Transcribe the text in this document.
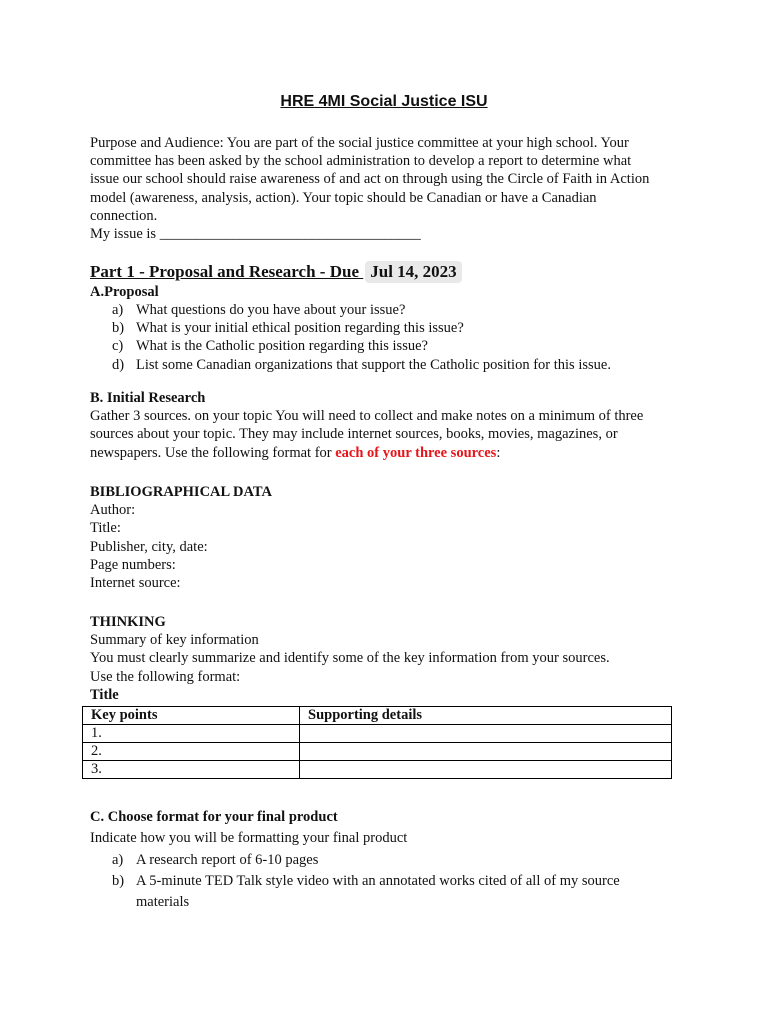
HRE 4MI Social Justice ISU
Purpose and Audience: You are part of the social justice committee at your high school. Your
committee has been asked by the school administration to develop a report to determine what
issue our school should raise awareness of and act on through using the Circle of Faith in Action
model (awareness, analysis, action). Your topic should be Canadian or have a Canadian
connection.
My issue is ____________________________________
Part 1 - Proposal and Research - Due Jul 14, 2023
A.Proposal
a) What questions do you have about your issue?
b) What is your initial ethical position regarding this issue?
c) What is the Catholic position regarding this issue?
d) List some Canadian organizations that support the Catholic position for this issue.
B. Initial Research
Gather 3 sources. on your topic You will need to collect and make notes on a minimum of three
sources about your topic. They may include internet sources, books, movies, magazines, or
newspapers. Use the following format for each of your three sources:
BIBLIOGRAPHICAL DATA
Author:
Title:
Publisher, city, date:
Page numbers:
Internet source:
THINKING
Summary of key information
You must clearly summarize and identify some of the key information from your sources.
Use the following format:
Title
Key points	Supporting details
1.	
2.	
3.	
C. Choose format for your final product
Indicate how you will be formatting your final product
a) A research report of 6-10 pages
b) A 5-minute TED Talk style video with an annotated works cited of all of my source
materials
